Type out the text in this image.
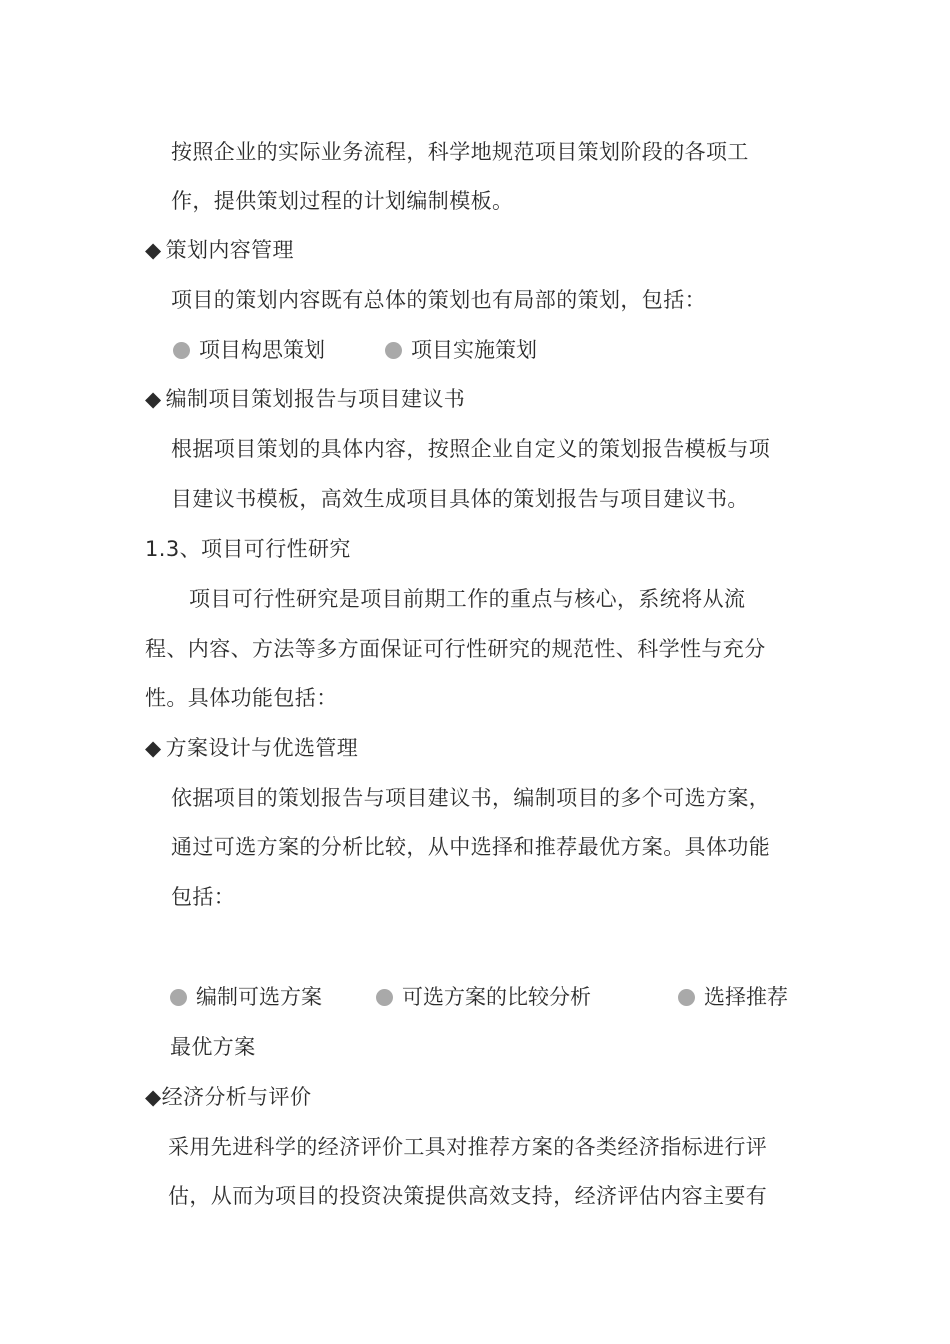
按照企业的实际业务流程，科学地规范项目策划阶段的各项工
作，提供策划过程的计划编制模板。
◆ 策划内容管理
项目的策划内容既有总体的策划也有局部的策划，包括：
项目构思策划	项目实施策划
◆ 编制项目策划报告与项目建议书
根据项目策划的具体内容，按照企业自定义的策划报告模板与项
目建议书模板，高效生成项目具体的策划报告与项目建议书。
1.3、项目可行性研究
项目可行性研究是项目前期工作的重点与核心，系统将从流
程、内容、方法等多方面保证可行性研究的规范性、科学性与充分
性。具体功能包括：
◆ 方案设计与优选管理
依据项目的策划报告与项目建议书，编制项目的多个可选方案，
通过可选方案的分析比较，从中选择和推荐最优方案。具体功能
包括：
编制可选方案	可选方案的比较分析	选择推荐
最优方案
◆经济分析与评价
采用先进科学的经济评价工具对推荐方案的各类经济指标进行评
估，从而为项目的投资决策提供高效支持，经济评估内容主要有
